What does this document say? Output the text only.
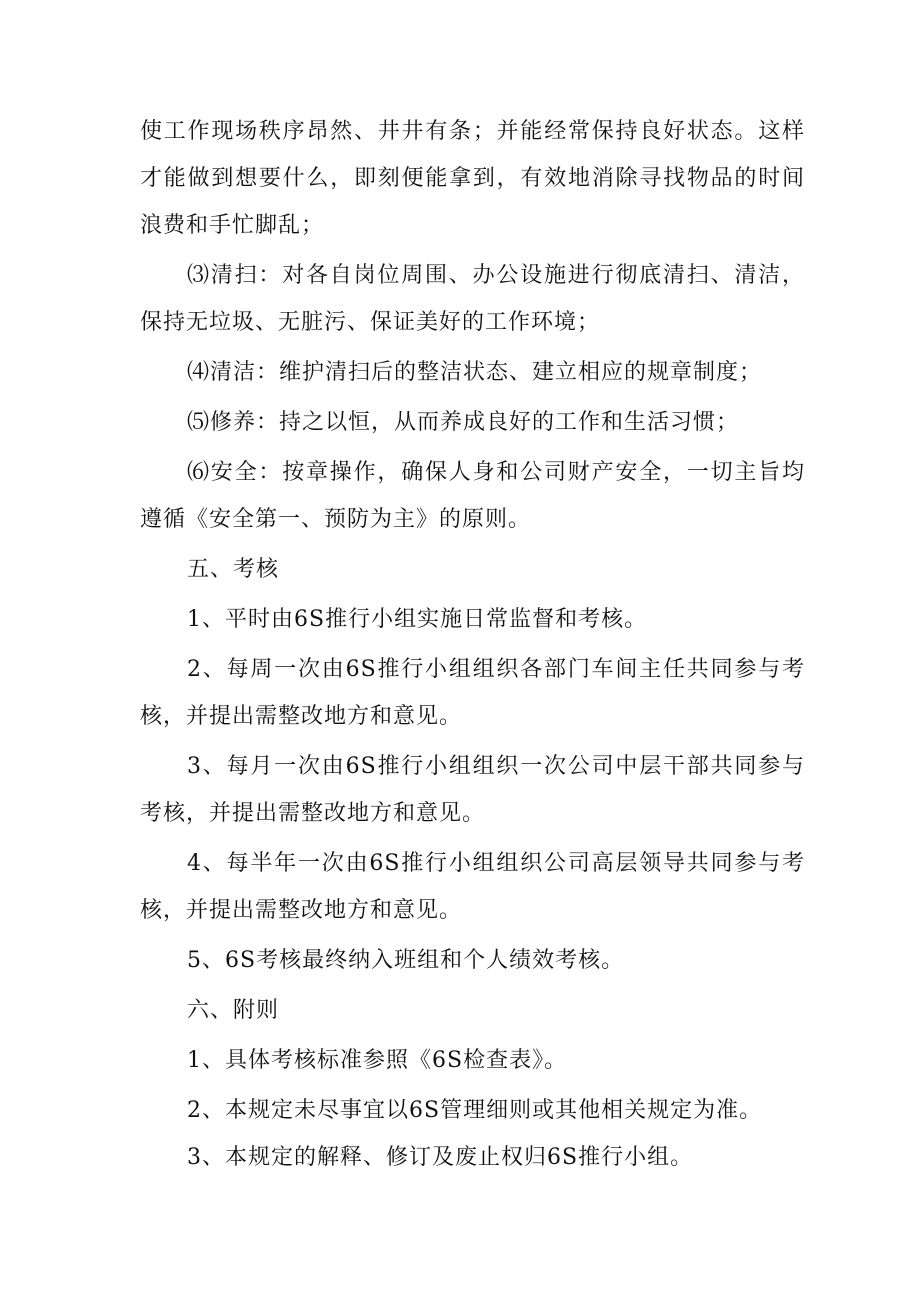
使工作现场秩序昂然、井井有条；并能经常保持良好状态。这样才能做到想要什么，即刻便能拿到，有效地消除寻找物品的时间浪费和手忙脚乱；

⑶清扫：对各自岗位周围、办公设施进行彻底清扫、清洁，保持无垃圾、无脏污、保证美好的工作环境；

⑷清洁：维护清扫后的整洁状态、建立相应的规章制度；

⑸修养：持之以恒，从而养成良好的工作和生活习惯；

⑹安全：按章操作，确保人身和公司财产安全，一切主旨均遵循《安全第一、预防为主》的原则。

五、考核

1、平时由6S推行小组实施日常监督和考核。

2、每周一次由6S推行小组组织各部门车间主任共同参与考核，并提出需整改地方和意见。

3、每月一次由6S推行小组组织一次公司中层干部共同参与考核，并提出需整改地方和意见。

4、每半年一次由6S推行小组组织公司高层领导共同参与考核，并提出需整改地方和意见。

5、6S考核最终纳入班组和个人绩效考核。

六、附则

1、具体考核标准参照《6S检查表》。

2、本规定未尽事宜以6S管理细则或其他相关规定为准。

3、本规定的解释、修订及废止权归6S推行小组。
